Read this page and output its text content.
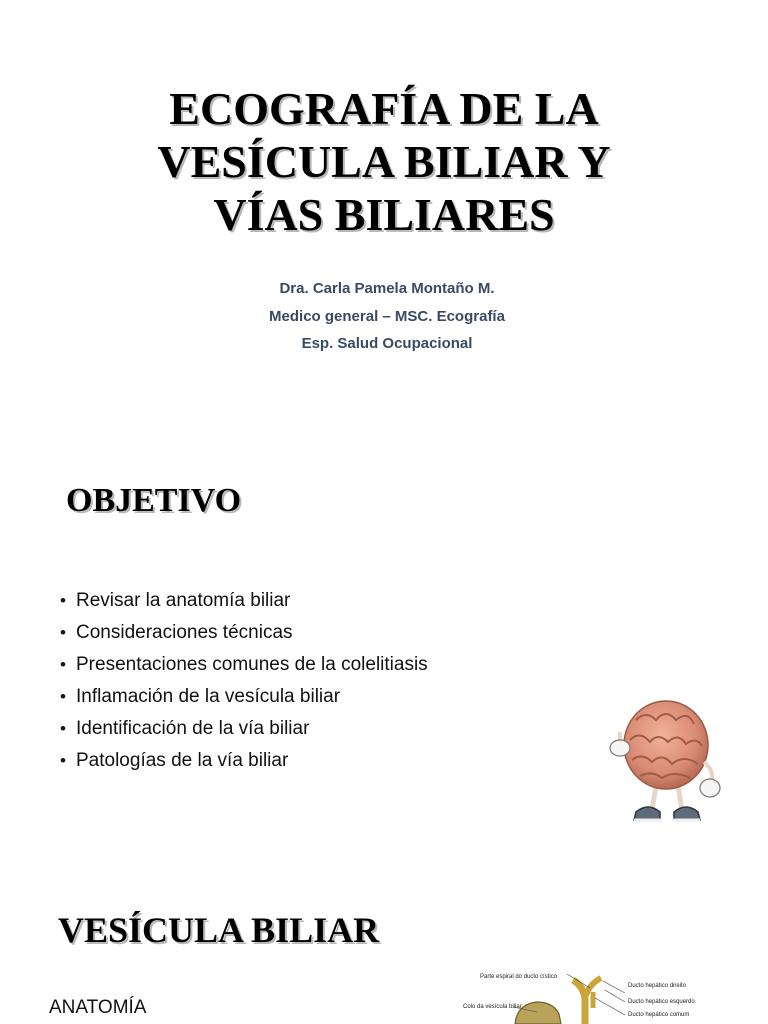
ECOGRAFÍA DE LA
VESÍCULA BILIAR Y
VÍAS BILIARES
Dra. Carla Pamela Montaño M.
Medico general – MSC. Ecografía
Esp. Salud Ocupacional
OBJETIVO
• Revisar la anatomía biliar
• Consideraciones técnicas
• Presentaciones comunes de la colelitiasis
• Inflamación de la vesícula biliar
• Identificación de la vía biliar
• Patologías de la vía biliar
VESÍCULA BILIAR
ANATOMÍA
Parte espiral do ducto cístico
Colo da vesícula biliar
Ducto hepático direito
Ducto hepático esquerdo
Ducto hepático comum
